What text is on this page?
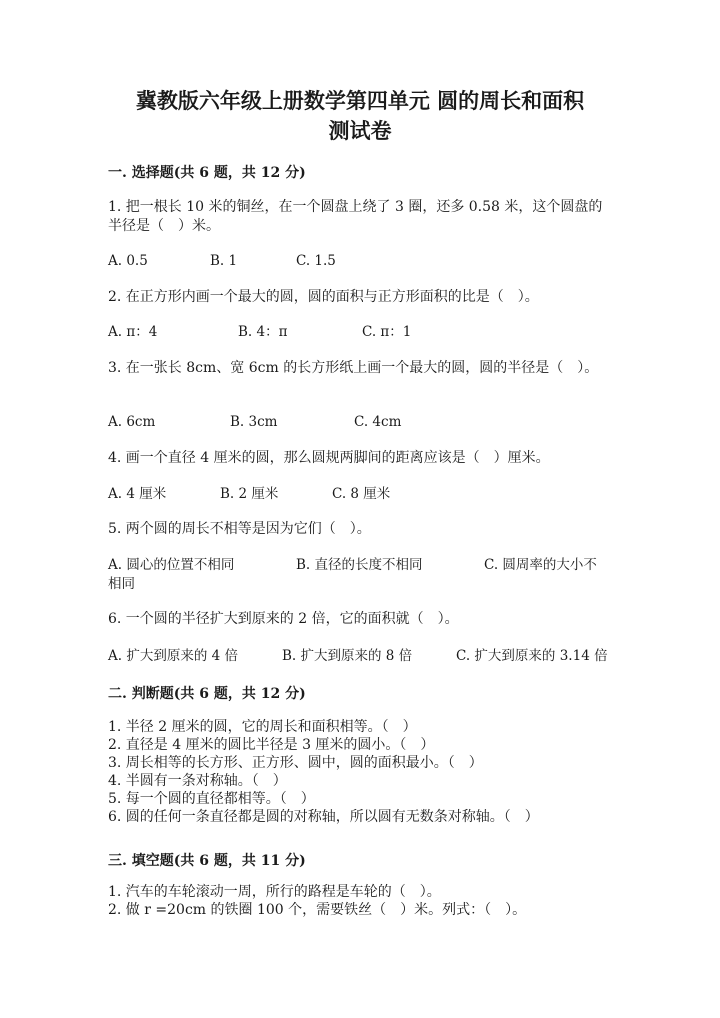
冀教版六年级上册数学第四单元 圆的周长和面积
测试卷
一. 选择题(共 6 题，共 12 分)
1. 把一根长 10 米的铜丝，在一个圆盘上绕了 3 圈，还多 0.58 米，这个圆盘的
半径是（　）米。
A. 0.5	B. 1	C. 1.5
2. 在正方形内画一个最大的圆，圆的面积与正方形面积的比是（　）。
A. π：4	B. 4：π	C. π：1
3. 在一张长 8cm、宽 6cm 的长方形纸上画一个最大的圆，圆的半径是（　）。
A. 6cm	B. 3cm	C. 4cm
4. 画一个直径 4 厘米的圆，那么圆规两脚间的距离应该是（　）厘米。
A. 4 厘米	B. 2 厘米	C. 8 厘米
5. 两个圆的周长不相等是因为它们（　）。
A. 圆心的位置不相同	B. 直径的长度不相同	C. 圆周率的大小不
相同
6. 一个圆的半径扩大到原来的 2 倍，它的面积就（　）。
A. 扩大到原来的 4 倍	B. 扩大到原来的 8 倍	C. 扩大到原来的 3.14 倍
二. 判断题(共 6 题，共 12 分)
1. 半径 2 厘米的圆，它的周长和面积相等。（　）
2. 直径是 4 厘米的圆比半径是 3 厘米的圆小。（　）
3. 周长相等的长方形、正方形、圆中，圆的面积最小。（　）
4. 半圆有一条对称轴。（　）
5. 每一个圆的直径都相等。（　）
6. 圆的任何一条直径都是圆的对称轴，所以圆有无数条对称轴。（　）
三. 填空题(共 6 题，共 11 分)
1. 汽车的车轮滚动一周，所行的路程是车轮的（　）。
2. 做 r =20cm 的铁圈 100 个，需要铁丝（　）米。列式：（　）。
